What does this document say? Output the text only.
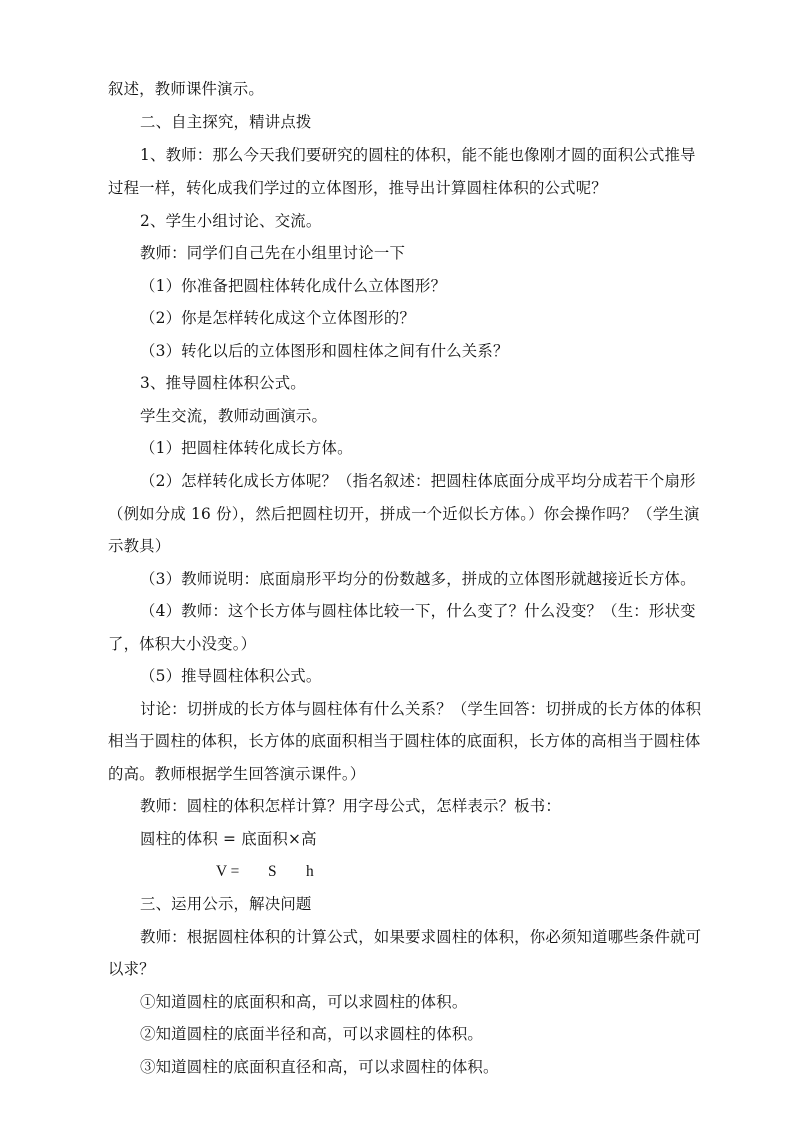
叙述，教师课件演示。
二、自主探究，精讲点拨
1、教师：那么今天我们要研究的圆柱的体积，能不能也像刚才圆的面积公式推导
过程一样，转化成我们学过的立体图形，推导出计算圆柱体积的公式呢？
2、学生小组讨论、交流。
教师：同学们自己先在小组里讨论一下
（1）你准备把圆柱体转化成什么立体图形？
（2）你是怎样转化成这个立体图形的？
（3）转化以后的立体图形和圆柱体之间有什么关系？
3、推导圆柱体积公式。
学生交流，教师动画演示。
（1）把圆柱体转化成长方体。
（2）怎样转化成长方体呢？（指名叙述：把圆柱体底面分成平均分成若干个扇形
（例如分成 16 份），然后把圆柱切开，拼成一个近似长方体。）你会操作吗？（学生演
示教具）
（3）教师说明：底面扇形平均分的份数越多，拼成的立体图形就越接近长方体。
（4）教师：这个长方体与圆柱体比较一下，什么变了？什么没变？（生：形状变
了，体积大小没变。）
（5）推导圆柱体积公式。
讨论：切拼成的长方体与圆柱体有什么关系？（学生回答：切拼成的长方体的体积
相当于圆柱的体积，长方体的底面积相当于圆柱体的底面积，长方体的高相当于圆柱体
的高。教师根据学生回答演示课件。）
教师：圆柱的体积怎样计算？用字母公式，怎样表示？板书：
圆柱的体积 = 底面积×高
V = S h
三、运用公示，解决问题
教师：根据圆柱体积的计算公式，如果要求圆柱的体积，你必须知道哪些条件就可
以求？
①知道圆柱的底面积和高，可以求圆柱的体积。
②知道圆柱的底面半径和高，可以求圆柱的体积。
③知道圆柱的底面积直径和高，可以求圆柱的体积。
